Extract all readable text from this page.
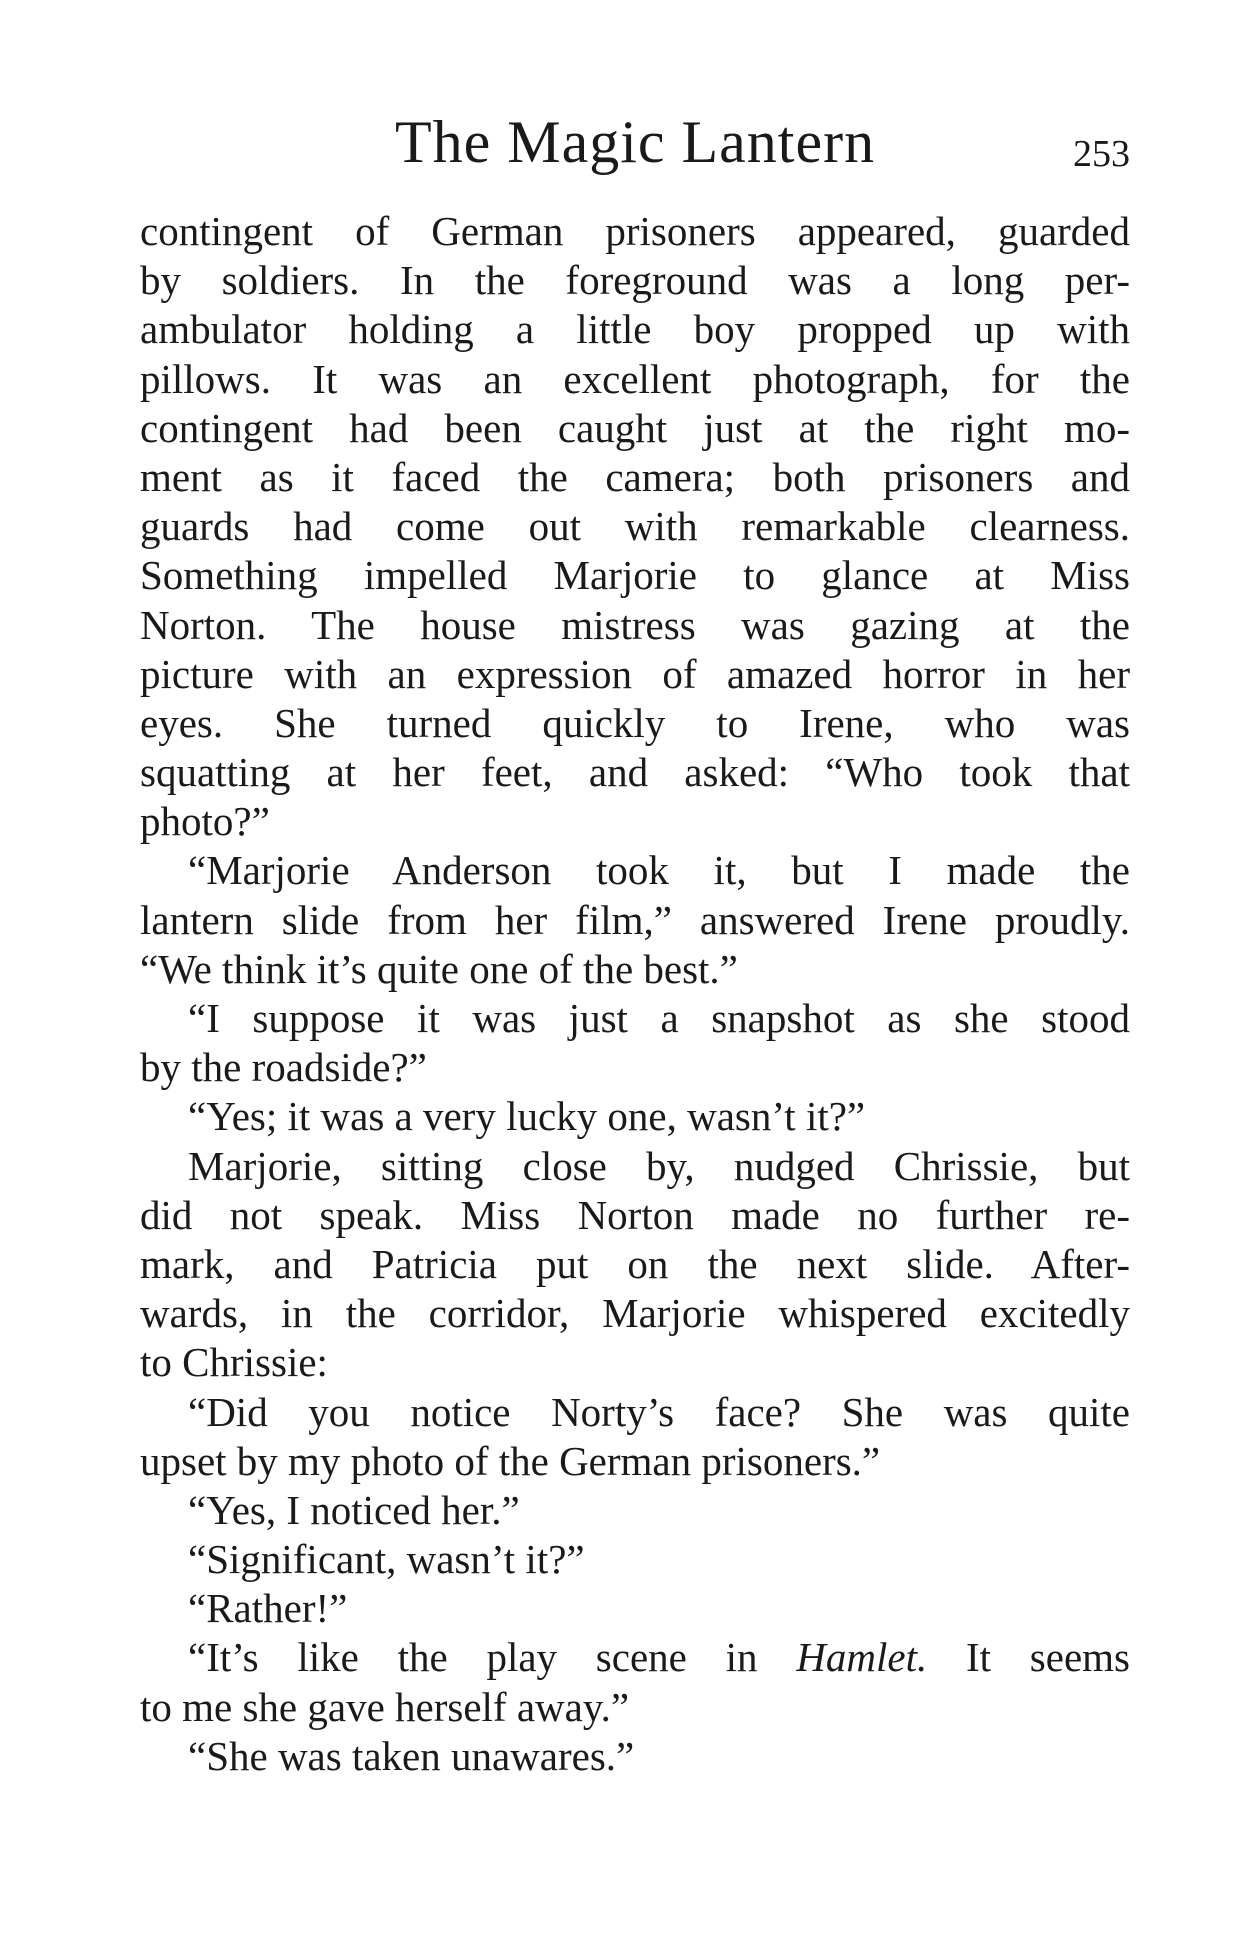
The Magic Lantern	253
contingent of German prisoners appeared, guarded
by soldiers. In the foreground was a long per-
ambulator holding a little boy propped up with
pillows. It was an excellent photograph, for the
contingent had been caught just at the right mo-
ment as it faced the camera; both prisoners and
guards had come out with remarkable clearness.
Something impelled Marjorie to glance at Miss
Norton. The house mistress was gazing at the
picture with an expression of amazed horror in her
eyes. She turned quickly to Irene, who was
squatting at her feet, and asked: “Who took that
photo?”
“Marjorie Anderson took it, but I made the
lantern slide from her film,” answered Irene proudly.
“We think it’s quite one of the best.”
“I suppose it was just a snapshot as she stood
by the roadside?”
“Yes; it was a very lucky one, wasn’t it?”
Marjorie, sitting close by, nudged Chrissie, but
did not speak. Miss Norton made no further re-
mark, and Patricia put on the next slide. After-
wards, in the corridor, Marjorie whispered excitedly
to Chrissie:
“Did you notice Norty’s face? She was quite
upset by my photo of the German prisoners.”
“Yes, I noticed her.”
“Significant, wasn’t it?”
“Rather!”
“It’s like the play scene in Hamlet. It seems
to me she gave herself away.”
“She was taken unawares.”
